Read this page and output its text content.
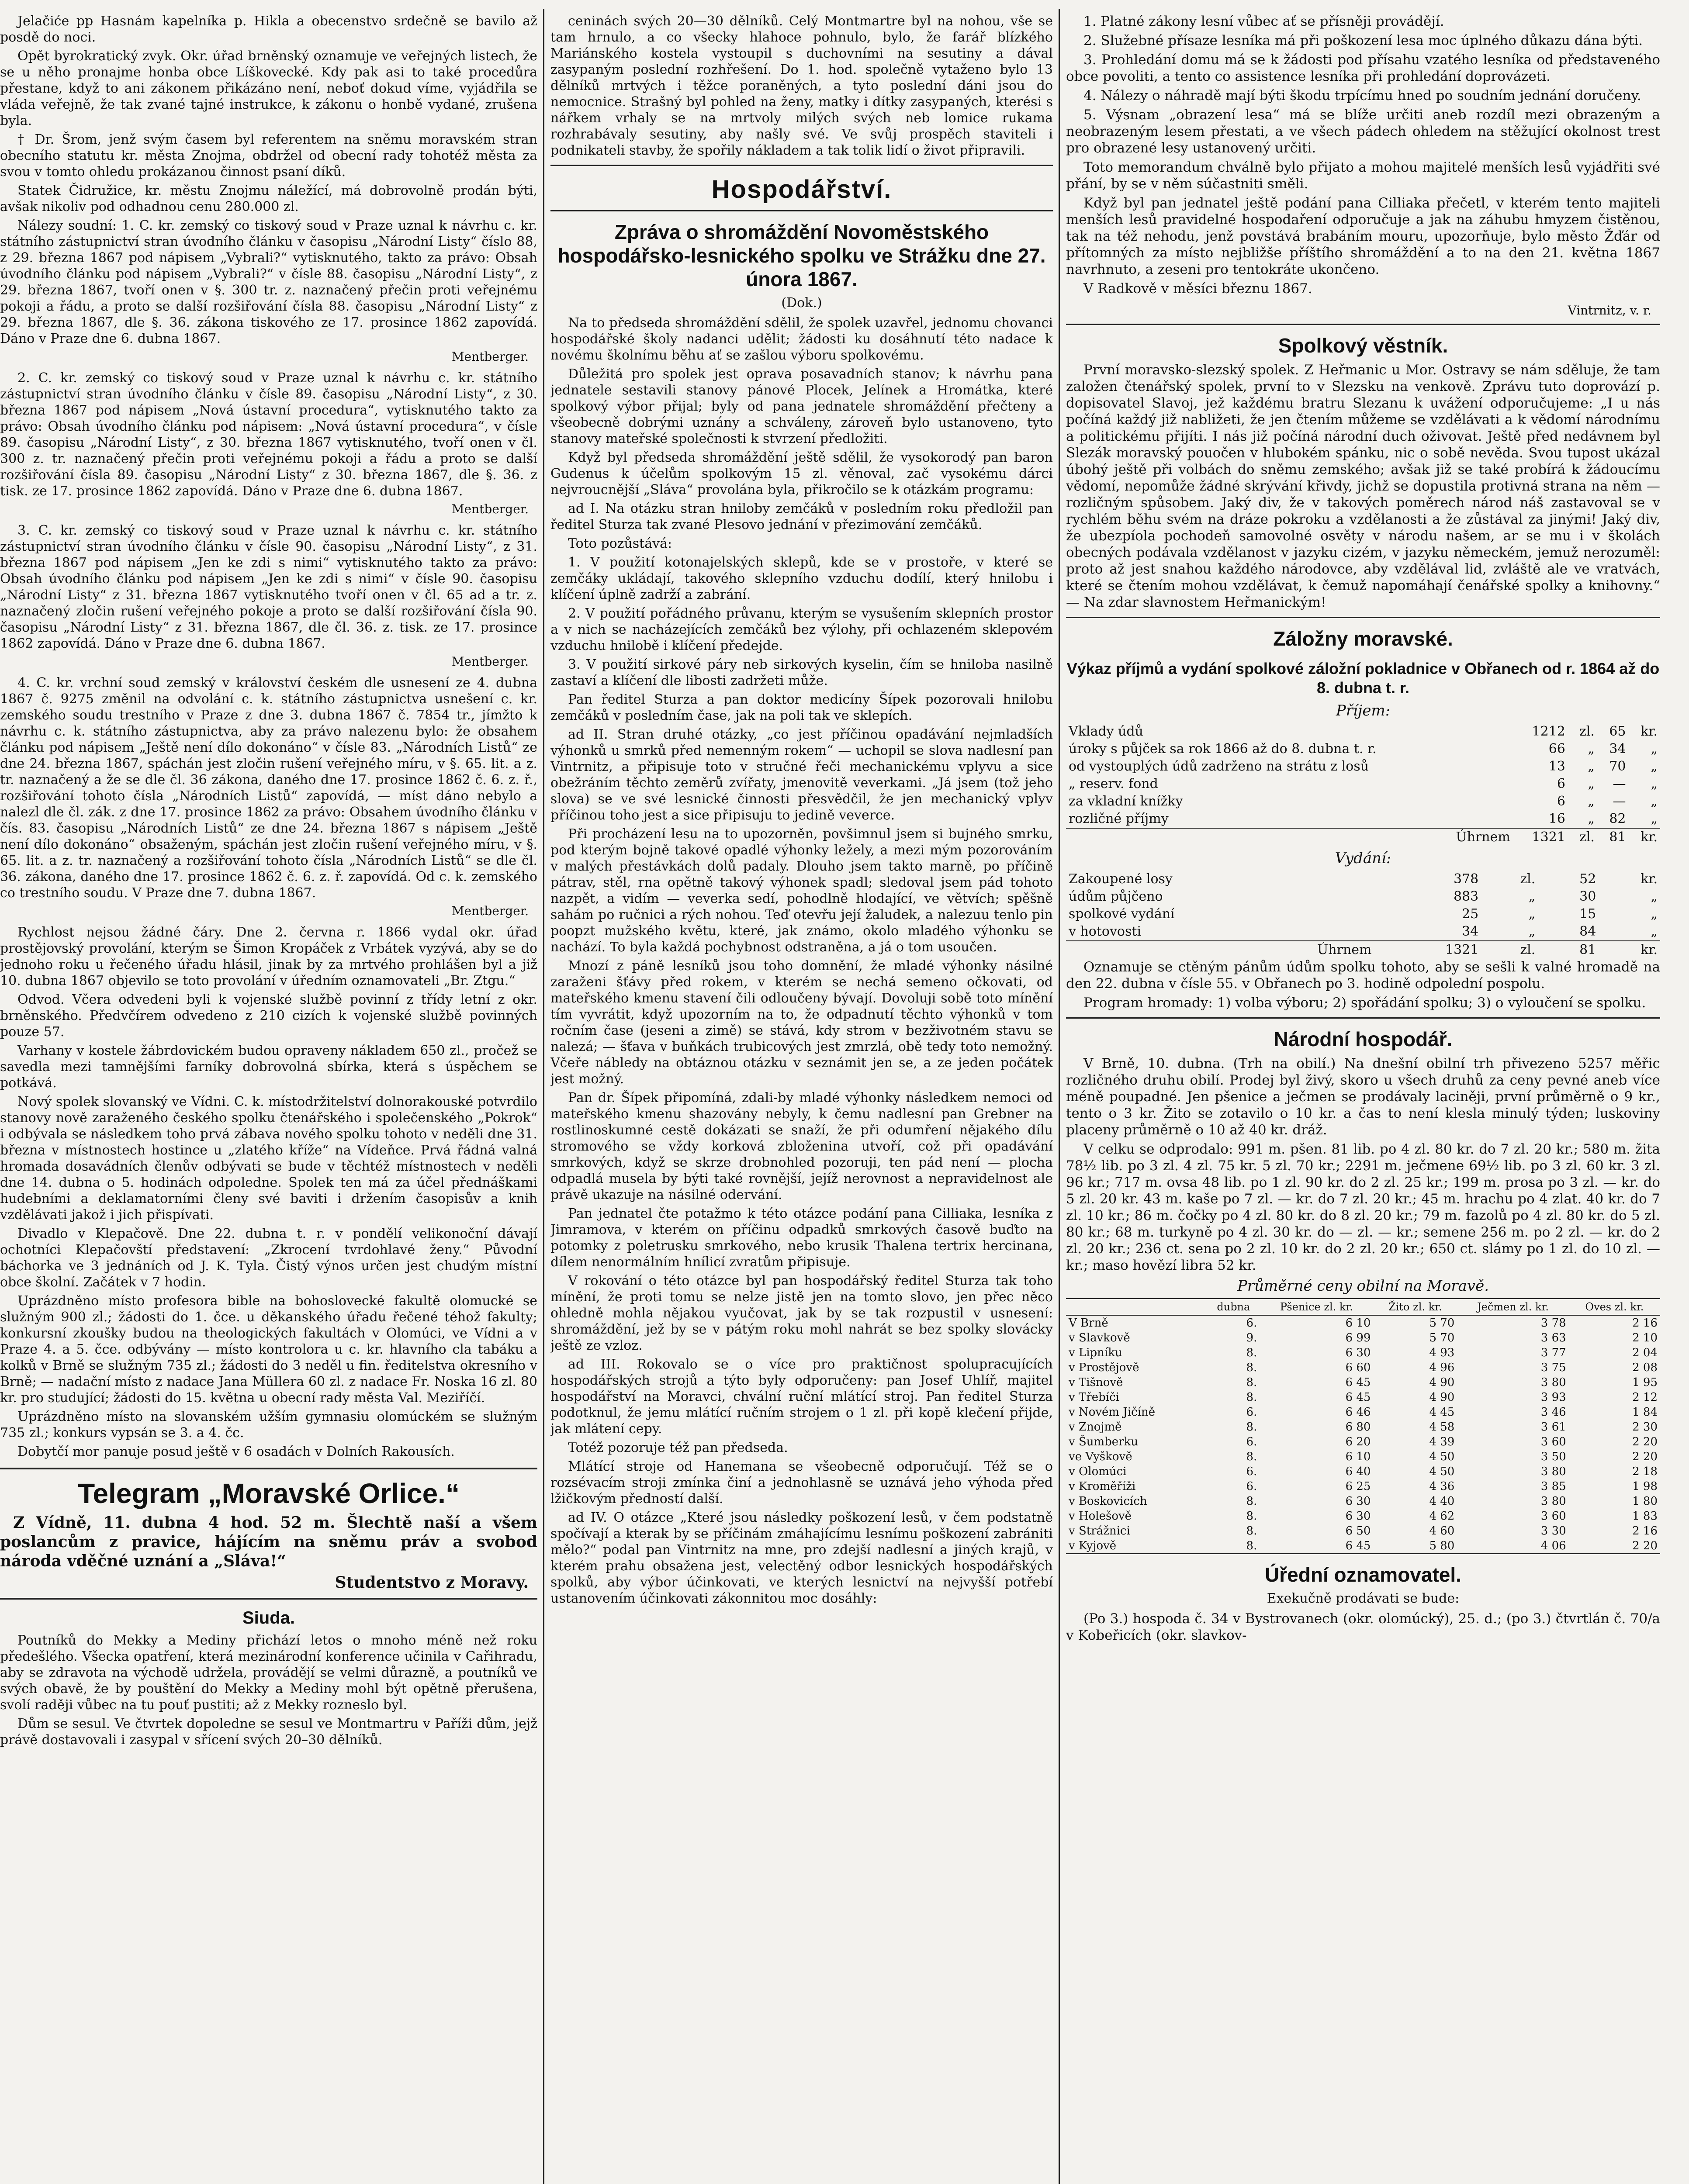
Jelačiće pp Hasnám kapelníka p. Hikla a obecenstvo srdečně se bavilo až posdě do noci.

Opět byrokratický zvyk. Okr. úřad brněnský oznamuje ve veřejných listech, že se u něho pronajme honba obce Líškovecké. Kdy pak asi to také procedůra přestane, když to ani zákonem přikázáno není, neboť dokud víme, vyjádřila se vláda veřejně, že tak zvané tajné instrukce, k zákonu o honbě vydané, zrušena byla.

† Dr. Šrom, jenž svým časem byl referentem na sněmu moravském stran obecního statutu kr. města Znojma, obdržel od obecní rady tohotéž města za svou v tomto ohledu prokázanou činnost psaní díků.

Statek Čidružice, kr. městu Znojmu náležící, má dobrovolně prodán býti, avšak nikoliv pod odhadnou cenu 280.000 zl.

Nálezy soudní: 1. C. kr. zemský co tiskový soud v Praze uznal k návrhu c. kr. státního zástupnictví stran úvodního článku v časopisu „Národní Listy“ číslo 88, z 29. března 1867 pod nápisem „Vybrali?“ vytisknutého, takto za právo: Obsah úvodního článku pod nápisem „Vybrali?“ v čísle 88. časopisu „Národní Listy“, z 29. března 1867, tvoří onen v §. 300 tr. z. naznačený přečin proti veřejnému pokoji a řádu, a proto se další rozšiřování čísla 88. časopisu „Národní Listy“ z 29. března 1867, dle §. 36. zákona tiskového ze 17. prosince 1862 zapovídá. Dáno v Praze dne 6. dubna 1867.

Mentberger.

2. C. kr. zemský co tiskový soud v Praze uznal k návrhu c. kr. státního zástupnictví stran úvodního článku v čísle 89. časopisu „Národní Listy“, z 30. března 1867 pod nápisem „Nová ústavní procedura“, vytisknutého takto za právo: Obsah úvodního článku pod nápisem: „Nová ústavní procedura“, v čísle 89. časopisu „Národní Listy“, z 30. března 1867 vytisknutého, tvoří onen v čl. 300 z. tr. naznačený přečin proti veřejnému pokoji a řádu a proto se další rozšiřování čísla 89. časopisu „Národní Listy“ z 30. března 1867, dle §. 36. z tisk. ze 17. prosince 1862 zapovídá. Dáno v Praze dne 6. dubna 1867.

Mentberger.

3. C. kr. zemský co tiskový soud v Praze uznal k návrhu c. kr. státního zástupnictví stran úvodního článku v čísle 90. časopisu „Národní Listy“, z 31. března 1867 pod nápisem „Jen ke zdi s nimi“ vytisknutého takto za právo: Obsah úvodního článku pod nápisem „Jen ke zdi s nimi“ v čísle 90. časopisu „Národní Listy“ z 31. března 1867 vytisknutého tvoří onen v čl. 65 ad a tr. z. naznačený zločin rušení veřejného pokoje a proto se další rozšiřování čísla 90. časopisu „Národní Listy“ z 31. března 1867, dle čl. 36. z. tisk. ze 17. prosince 1862 zapovídá. Dáno v Praze dne 6. dubna 1867.

Mentberger.

4. C. kr. vrchní soud zemský v království českém dle usnesení ze 4. dubna 1867 č. 9275 změnil na odvolání c. k. státního zástupnictva usnešení c. kr. zemského soudu trestního v Praze z dne 3. dubna 1867 č. 7854 tr., jímžto k návrhu c. k. státního zástupnictva, aby za právo nalezenu bylo: že obsahem článku pod nápisem „Ještě není dílo dokonáno“ v čísle 83. „Národních Listů“ ze dne 24. března 1867, spáchán jest zločin rušení veřejného míru, v §. 65. lit. a z. tr. naznačený a že se dle čl. 36 zákona, daného dne 17. prosince 1862 č. 6. z. ř., rozšiřování tohoto čísla „Národních Listů“ zapovídá, — míst dáno nebylo a nalezl dle čl. zák. z dne 17. prosince 1862 za právo: Obsahem úvodního článku v čís. 83. časopisu „Národních Listů“ ze dne 24. března 1867 s nápisem „Ještě není dílo dokonáno“ obsaženým, spáchán jest zločin rušení veřejného míru, v §. 65. lit. a z. tr. naznačený a rozšiřování tohoto čísla „Národních Listů“ se dle čl. 36. zákona, daného dne 17. prosince 1862 č. 6. z. ř. zapovídá. Od c. k. zemského co trestního soudu. V Praze dne 7. dubna 1867.

Mentberger.

Rychlost nejsou žádné čáry. Dne 2. června r. 1866 vydal okr. úřad prostějovský provolání, kterým se Šimon Kropáček z Vrbátek vyzývá, aby se do jednoho roku u řečeného úřadu hlásil, jinak by za mrtvého prohlášen byl a již 10. dubna 1867 objevilo se toto provolání v úředním oznamovateli „Br. Ztgu.“

Odvod. Včera odvedeni byli k vojenské službě povinní z třídy letní z okr. brněnského. Předvčírem odvedeno z 210 cizích k vojenské službě povinných pouze 57.

Varhany v kostele žábrdovickém budou opraveny nákladem 650 zl., pročež se savedla mezi tamnějšími farníky dobrovolná sbírka, která s úspěchem se potkává.

Nový spolek slovanský ve Vídni. C. k. místodržitelství dolnorakouské potvrdilo stanovy nově zaraženého českého spolku čtenářského i společenského „Pokrok“ i odbývala se následkem toho prvá zábava nového spolku tohoto v neděli dne 31. března v místnostech hostince u „zlatého kříže“ na Vídeňce. Prvá řádná valná hromada dosavádních členův odbývati se bude v těchtéž místnostech v neděli dne 14. dubna o 5. hodinách odpoledne. Spolek ten má za účel přednáškami hudebními a deklamatorními členy své baviti i držením časopisův a knih vzdělávati jakož i jich přispívati.

Divadlo v Klepačově. Dne 22. dubna t. r. v pondělí velikonoční dávají ochotníci Klepačovští představení: „Zkrocení tvrdohlavé ženy.“ Původní báchorka ve 3 jednáních od J. K. Tyla. Čistý výnos určen jest chudým místní obce školní. Začátek v 7 hodin.

Uprázdněno místo profesora bible na bohoslovecké fakultě olomucké se služným 900 zl.; žádosti do 1. čce. u děkanského úřadu řečené téhož fakulty; konkursní zkoušky budou na theologických fakultách v Olomúci, ve Vídni a v Praze 4. a 5. čce. odbývány — místo kontrolora u c. kr. hlavního cla tabáku a kolků v Brně se služným 735 zl.; žádosti do 3 neděl u fin. ředitelstva okresního v Brně; — nadační místo z nadace Jana Müllera 60 zl. z nadace Fr. Noska 16 zl. 80 kr. pro studující; žádosti do 15. května u obecní rady města Val. Meziříčí.

Uprázdněno místo na slovanském užším gymnasiu olomúckém se služným 735 zl.; konkurs vypsán se 3. a 4. čc.

Dobytčí mor panuje posud ještě v 6 osadách v Dolních Rakousích.

Telegram „Moravské Orlice.“

Z Vídně, 11. dubna 4 hod. 52 m. Šlechtě naší a všem poslancům z pravice, hájícím na sněmu práv a svobod národa vděčné uznání a „Sláva!“

Studentstvo z Moravy.
Siuda.

Poutníků do Mekky a Mediny přichází letos o mnoho méně než roku předešlého. Všecka opatření, která mezinárodní konference učinila v Cařihradu, aby se zdravota na východě udržela, provádějí se velmi důrazně, a poutníků ve svých obavě, že by pouštění do Mekky a Mediny mohl být opětně přerušena, svolí raději vůbec na tu pouť pustiti; až z Mekky rozneslo byl.

Dům se sesul. Ve čtvrtek dopoledne se sesul ve Montmartru v Paříži dům, jejž právě dostavovali i zasypal v sřícení svých 20–30 dělníků.

ceninách svých 20—30 dělníků. Celý Montmartre byl na nohou, vše se tam hrnulo, a co všecky hlahoce pohnulo, bylo, že farář blízkého Mariánského kostela vystoupil s duchovními na sesutiny a dával zasypaným poslední rozhřešení. Do 1. hod. společně vytaženo bylo 13 dělníků mrtvých i těžce poraněných, a tyto poslední dáni jsou do nemocnice. Strašný byl pohled na ženy, matky i dítky zasypaných, kterési s nářkem vrhaly se na mrtvoly milých svých neb lomice rukama rozhrabávaly sesutiny, aby našly své. Ve svůj prospěch staviteli i podnikateli stavby, že spořily nákladem a tak tolik lidí o život připravili.

Hospodářství.
Zpráva o shromáždění Novoměstského hospodářsko-lesnického spolku ve Strážku dne 27. února 1867.
(Dok.)

Na to předseda shromáždění sdělil, že spolek uzavřel, jednomu chovanci hospodářské školy nadanci udělit; žádosti ku dosáhnutí této nadace k novému školnímu běhu ať se zašlou výboru spolkovému.

Důležitá pro spolek jest oprava posavadních stanov; k návrhu pana jednatele sestavili stanovy pánové Plocek, Jelínek a Hromátka, které spolkový výbor přijal; byly od pana jednatele shromáždění přečteny a všeobecně dobrými uznány a schváleny, zároveň bylo ustanoveno, tyto stanovy mateřské společnosti k stvrzení předložiti.

Když byl předseda shromáždění ještě sdělil, že vysokorodý pan baron Gudenus k účelům spolkovým 15 zl. věnoval, zač vysokému dárci nejvroucnější „Sláva“ provolána byla, přikročilo se k otázkám programu:

ad I. Na otázku stran hniloby zemčáků v posledním roku předložil pan ředitel Sturza tak zvané Plesovo jednání v přezimování zemčáků.

Toto pozůstává:

1. V použití kotonajelských sklepů, kde se v prostoře, v které se zemčáky ukládají, takového sklepního vzduchu dodílí, který hnilobu i klíčení úplně zadrží a zabrání.

2. V použití pořádného průvanu, kterým se vysušením sklepních prostor a v nich se nacházejících zemčáků bez výlohy, při ochlazeném sklepovém vzduchu hnilobě i klíčení předejde.

3. V použití sirkové páry neb sirkových kyselin, čím se hniloba nasilně zastaví a klíčení dle libosti zadržeti může.

Pan ředitel Sturza a pan doktor medicíny Šípek pozorovali hnilobu zemčáků v posledním čase, jak na poli tak ve sklepích.

ad II. Stran druhé otázky, „co jest příčinou opadávání nejmladších výhonků u smrků před nemenným rokem“ — uchopil se slova nadlesní pan Vintrnitz, a připisuje toto v stručné řeči mechanickému vplyvu a sice obežráním těchto zeměrů zvířaty, jmenovitě veverkami. „Já jsem (tož jeho slova) se ve své lesnické činnosti přesvědčil, že jen mechanický vplyv příčinou toho jest a sice připisuju to jedině veverce.

Při procházení lesu na to upozorněn, povšimnul jsem si bujného smrku, pod kterým bojně takové opadlé výhonky ležely, a mezi mým pozorováním v malých přestávkách dolů padaly. Dlouho jsem takto marně, po příčině pátrav, stěl, rna opětně takový výhonek spadl; sledoval jsem pád tohoto nazpět, a vidím — veverka sedí, pohodlně hlodající, ve větvích; spěšně sahám po ručnici a rých nohou. Teď otevřu její žaludek, a nalezuu tenlo pin poopzt mužského květu, které, jak známo, okolo mladého výhonku se nachází. To byla každá pochybnost odstraněna, a já o tom usoučen.

Mnozí z páně lesníků jsou toho domnění, že mladé výhonky násilné zaraženi šťávy před rokem, v kterém se nechá semeno očkovati, od mateřského kmenu stavení čili odloučeny bývají. Dovoluji sobě toto mínění tím vyvrátit, když upozorním na to, že odpadnutí těchto výhonků v tom ročním čase (jeseni a zimě) se stává, kdy strom v bezživotném stavu se nalezá; — šťava v buňkách trubicových jest zmrzlá, obě tedy toto nemožný. Včeře nábledy na obtáznou otázku v seznámit jen se, a ze jeden počátek jest možný.

Pan dr. Šípek připomíná, zdali-by mladé výhonky následkem nemoci od mateřského kmenu shazovány nebyly, k čemu nadlesní pan Grebner na rostlinoskumné cestě dokázati se snaží, že při odumření nějakého dílu stromového se vždy korková zbloženina utvoří, což při opadávání smrkových, když se skrze drobnohled pozoruji, ten pád není — plocha odpadlá musela by býti také rovnější, jejíž nerovnost a nepravidelnost ale právě ukazuje na násilné odervání.

Pan jednatel čte potažmo k této otázce podání pana Cilliaka, lesníka z Jimramova, v kterém on příčinu odpadků smrkových časově buďto na potomky z poletrusku smrkového, nebo krusik Thalena tertrix hercinana, dílem nenormálním hnílicí zvratům připisuje.

V rokování o této otázce byl pan hospodářský ředitel Sturza tak toho mínění, že proti tomu se nelze jistě jen na tomto slovo, jen přec něco ohledně mohla nějakou vyučovat, jak by se tak rozpustil v usnesení: shromáždění, jež by se v pátým roku mohl nahrát se bez spolky slovácky ještě ze vzloz.

ad III. Rokovalo se o více pro praktičnost spolupracujících hospodářských strojů a týto byly odporučeny: pan Josef Uhlíř, majitel hospodářství na Moravci, chvální ruční mlátící stroj. Pan ředitel Sturza podotknul, že jemu mlátící ručním strojem o 1 zl. při kopě klečení přijde, jak mlátení cepy.

Totéž pozoruje též pan předseda.

Mlátící stroje od Hanemana se všeobecně odporučují. Též se o rozsévacím stroji zmínka činí a jednohlasně se uznává jeho výhoda před lžičkovým předností další.

ad IV. O otázce „Které jsou následky poškození lesů, v čem podstatně spočívají a kterak by se příčinám zmáhajícímu lesnímu poškození zabrániti mělo?“ podal pan Vintrnitz na mne, pro zdejší nadlesní a jiných krajů, v kterém prahu obsažena jest, velectěný odbor lesnických hospodářských spolků, aby výbor účinkovati, ve kterých lesnictví na nejvyšší potřebí ustanovením účinkovati zákonnitou moc dosáhly:

1. Platné zákony lesní vůbec ať se přísněji provádějí.

2. Služebné přísaze lesníka má při poškození lesa moc úplného důkazu dána býti.

3. Prohledání domu má se k žádosti pod přísahu vzatého lesníka od představeného obce povoliti, a tento co assistence lesníka při prohledání doprovázeti.

4. Nálezy o náhradě mají býti škodu trpícímu hned po soudním jednání doručeny.

5. Výsnam „obrazení lesa“ má se blíže určiti aneb rozdíl mezi obrazeným a neobrazeným lesem přestati, a ve všech pádech ohledem na stěžující okolnost trest pro obrazené lesy ustanovený určiti.

Toto memorandum chválně bylo přijato a mohou majitelé menších lesů vyjádřiti své přání, by se v něm súčastniti směli.

Když byl pan jednatel ještě podání pana Cilliaka přečetl, v kterém tento majiteli menších lesů pravidelné hospodaření odporučuje a jak na záhubu hmyzem čistěnou, tak na též nehodu, jenž povstává brabáním mouru, upozorňuje, bylo město Žďár od přítomných za místo nejbližše příštího shromáždění a to na den 21. května 1867 navrhnuto, a zeseni pro tentokráte ukončeno.

V Radkově v měsíci březnu 1867.

Vintrnitz, v. r.
Spolkový věstník.

První moravsko-slezský spolek. Z Heřmanic u Mor. Ostravy se nám sděluje, že tam založen čtenářský spolek, první to v Slezsku na venkově. Zprávu tuto doprovází p. dopisovatel Slavoj, jež každému bratru Slezanu k uvážení odporučujeme: „I u nás počíná každý již nabližeti, že jen čtením můžeme se vzdělávati a k vědomí národnímu a politickému přijíti. I nás již počíná národní duch oživovat. Ještě před nedávnem byl Slezák moravský pouočen v hlubokém spánku, nic o sobě nevěda. Svou tupost ukázal úbohý ještě při volbách do sněmu zemského; avšak již se také probírá k žádoucímu vědomí, nepomůže žádné skrývání křivdy, jichž se dopustila protivná strana na něm — rozličným spůsobem. Jaký div, že v takových poměrech národ náš zastavoval se v rychlém běhu svém na dráze pokroku a vzdělanosti a že zůstával za jinými! Jaký div, že ubezpíola pochodeň samovolné osvěty v národu našem, ar se mu i v školách obecných podávala vzdělanost v jazyku cizém, v jazyku německém, jemuž nerozuměl: proto až jest snahou každého národovce, aby vzdělával lid, zvláště ale ve vratvách, které se čtením mohou vzdělávat, k čemuž napomáhají čenářské spolky a knihovny.“ — Na zdar slavnostem Heřmanickým!

Záložny moravské.
Výkaz příjmů a vydání spolkové záložní pokladnice v Obřanech od r. 1864 až do 8. dubna t. r.
Příjem:
Vklady údů	1212	zl.	65	kr.
úroky s půjček sa rok 1866 až do 8. dubna t. r.	66	„	34	„
od vystouplých údů zadrženo na strátu z losů	13	„	70	„
„ reserv. fond	6	„	—	„
za vkladní knížky	6	„	—	„
rozličné příjmy	16	„	82	„
Úhrnem	1321	zl.	81	kr.
Vydání:
Zakoupené losy	378	zl.	52	kr.
údům půjčeno	883	„	30	„
spolkové vydání	25	„	15	„
v hotovosti	34	„	84	„
Úhrnem	1321	zl.	81	kr.

Oznamuje se ctěným pánům údům spolku tohoto, aby se sešli k valné hromadě na den 22. dubna v čísle 55. v Obřanech po 3. hodině odpolední pospolu.

Program hromady: 1) volba výboru; 2) spořádání spolku; 3) o vyloučení se spolku.

Národní hospodář.

V Brně, 10. dubna. (Trh na obilí.) Na dnešní obilní trh přivezeno 5257 měřic rozličného druhu obilí. Prodej byl živý, skoro u všech druhů za ceny pevné aneb více méně poupadné. Jen pšenice a ječmen se prodávaly laciněji, první průměrně o 9 kr., tento o 3 kr. Žito se zotavilo o 10 kr. a čas to není klesla minulý týden; luskoviny placeny průměrně o 10 až 40 kr. dráž.

V celku se odprodalo: 991 m. pšen. 81 lib. po 4 zl. 80 kr. do 7 zl. 20 kr.; 580 m. žita 78½ lib. po 3 zl. 4 zl. 75 kr. 5 zl. 70 kr.; 2291 m. ječmene 69½ lib. po 3 zl. 60 kr. 3 zl. 96 kr.; 717 m. ovsa 48 lib. po 1 zl. 90 kr. do 2 zl. 25 kr.; 199 m. prosa po 3 zl. — kr. do 5 zl. 20 kr. 43 m. kaše po 7 zl. — kr. do 7 zl. 20 kr.; 45 m. hrachu po 4 zlat. 40 kr. do 7 zl. 10 kr.; 86 m. čočky po 4 zl. 80 kr. do 8 zl. 20 kr.; 79 m. fazolů po 4 zl. 80 kr. do 5 zl. 80 kr.; 68 m. turkyně po 4 zl. 30 kr. do — zl. — kr.; semene 256 m. po 2 zl. — kr. do 2 zl. 20 kr.; 236 ct. sena po 2 zl. 10 kr. do 2 zl. 20 kr.; 650 ct. slámy po 1 zl. do 10 zl. — kr.; maso hovězí libra 52 kr.

Průměrné ceny obilní na Moravě.
	dubna	Pšenice zl. kr.	Žito zl. kr.	Ječmen zl. kr.	Oves zl. kr.
V Brně	6.	6 10	5 70	3 78	2 16
v Slavkově	9.	6 99	5 70	3 63	2 10
v Lipníku	8.	6 30	4 93	3 77	2 04
v Prostějově	8.	6 60	4 96	3 75	2 08
v Tišnově	8.	6 45	4 90	3 80	1 95
v Třebíči	8.	6 45	4 90	3 93	2 12
v Novém Jičíně	6.	6 46	4 45	3 46	1 84
v Znojmě	8.	6 80	4 58	3 61	2 30
v Šumberku	6.	6 20	4 39	3 60	2 20
ve Vyškově	8.	6 10	4 50	3 50	2 20
v Olomúci	6.	6 40	4 50	3 80	2 18
v Kroměříži	6.	6 25	4 36	3 85	1 98
v Boskovicích	8.	6 30	4 40	3 80	1 80
v Holešově	8.	6 30	4 62	3 60	1 83
v Strážnici	8.	6 50	4 60	3 30	2 16
v Kyjově	8.	6 45	5 80	4 06	2 20
Úřední oznamovatel.
Exekučně prodávati se bude:

(Po 3.) hospoda č. 34 v Bystrovanech (okr. olomúcký), 25. d.; (po 3.) čtvrtlán č. 70/a v Kobeřicích (okr. slavkov-
